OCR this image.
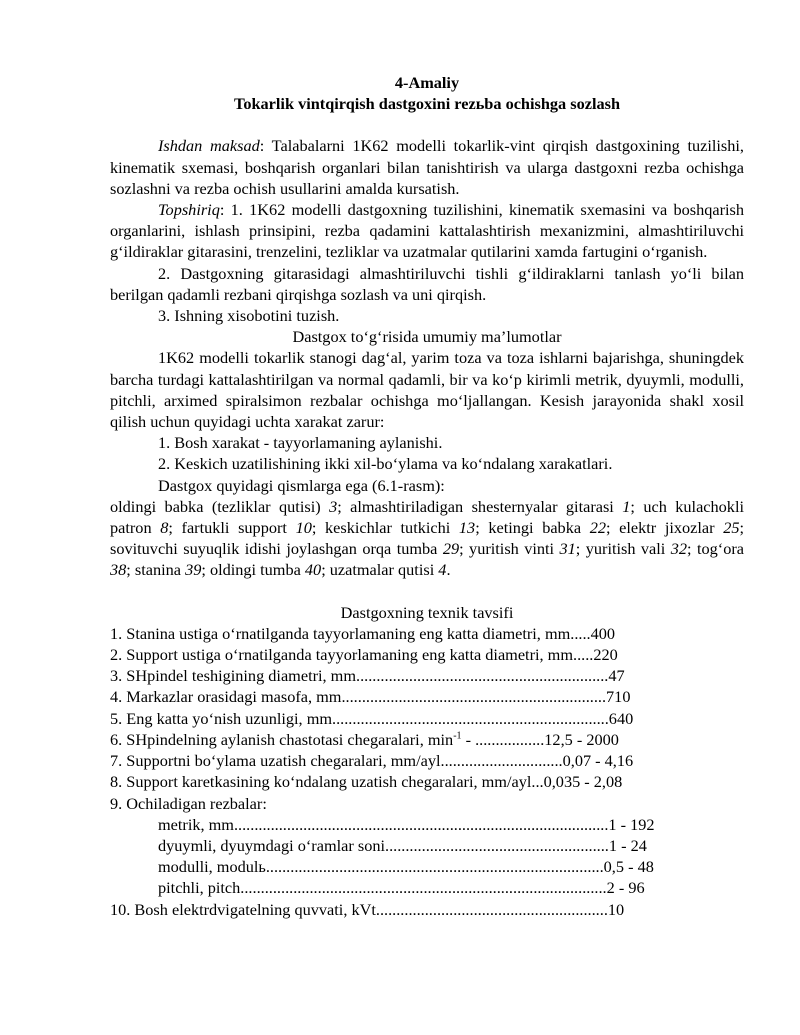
4-Amaliy

Tokarlik vintqirqish dastgoxini rezьba ochishga sozlash

Ishdan maksad: Talabalarni 1K62 modelli tokarlik-vint qirqish dastgoxining tuzilishi, kinematik sxemasi, boshqarish organlari bilan tanishtirish va ularga dastgoxni rezba ochishga sozlashni va rezba ochish usullarini amalda kursatish.

Topshiriq: 1. 1K62 modelli dastgoxning tuzilishini, kinematik sxemasini va boshqarish organlarini, ishlash prinsipini, rezba qadamini kattalashtirish mexanizmini, almashtiriluvchi g‘ildiraklar gitarasini, trenzelini, tezliklar va uzatmalar qutilarini xamda fartugini o‘rganish.

2. Dastgoxning gitarasidagi almashtiriluvchi tishli g‘ildiraklarni tanlash yo‘li bilan berilgan qadamli rezbani qirqishga sozlash va uni qirqish.

3. Ishning xisobotini tuzish.

Dastgox to‘g‘risida umumiy ma’lumotlar

1K62 modelli tokarlik stanogi dag‘al, yarim toza va toza ishlarni bajarishga, shuningdek barcha turdagi kattalashtirilgan va normal qadamli, bir va ko‘p kirimli metrik, dyuymli, modulli, pitchli, arximed spiralsimon rezbalar ochishga mo‘ljallangan. Kesish jarayonida shakl xosil qilish uchun quyidagi uchta xarakat zarur:

1. Bosh xarakat - tayyorlamaning aylanishi.

2. Keskich uzatilishining ikki xil-bo‘ylama va ko‘ndalang xarakatlari.

Dastgox quyidagi qismlarga ega (6.1-rasm):

oldingi babka (tezliklar qutisi) 3; almashtiriladigan shesternyalar gitarasi 1; uch kulachokli patron 8; fartukli support 10; keskichlar tutkichi 13; ketingi babka 22; elektr jixozlar 25; sovituvchi suyuqlik idishi joylashgan orqa tumba 29; yuritish vinti 31; yuritish vali 32; tog‘ora 38; stanina 39; oldingi tumba 40; uzatmalar qutisi 4.

Dastgoxning texnik tavsifi

1. Stanina ustiga o‘rnatilganda tayyorlamaning eng katta diametri, mm.....400

2. Support ustiga o‘rnatilganda tayyorlamaning eng katta diametri, mm.....220

3. SHpindel teshigining diametri, mm..............................................................47

4. Markazlar orasidagi masofa, mm.................................................................710

5. Eng katta yo‘nish uzunligi, mm....................................................................640

6. SHpindelning aylanish chastotasi chegaralari, $\min^{-1} - .................12,5 - 2000$

7. Supportni bo‘ylama uzatish chegaralari, mm/ayl..............................0,07 - 4,16

8. Support karetkasining ko‘ndalang uzatish chegaralari, mm/ayl...0,035 - 2,08

9. Ochiladigan rezbalar:

metrik, mm............................................................................................1 - 192

dyuymli, dyuymdagi o‘ramlar soni.......................................................1 - 24

modulli, modulь...................................................................................0,5 - 48

pitchli, pitch..........................................................................................2 - 96

10. Bosh elektrdvigatelning quvvati, kVt.........................................................10
